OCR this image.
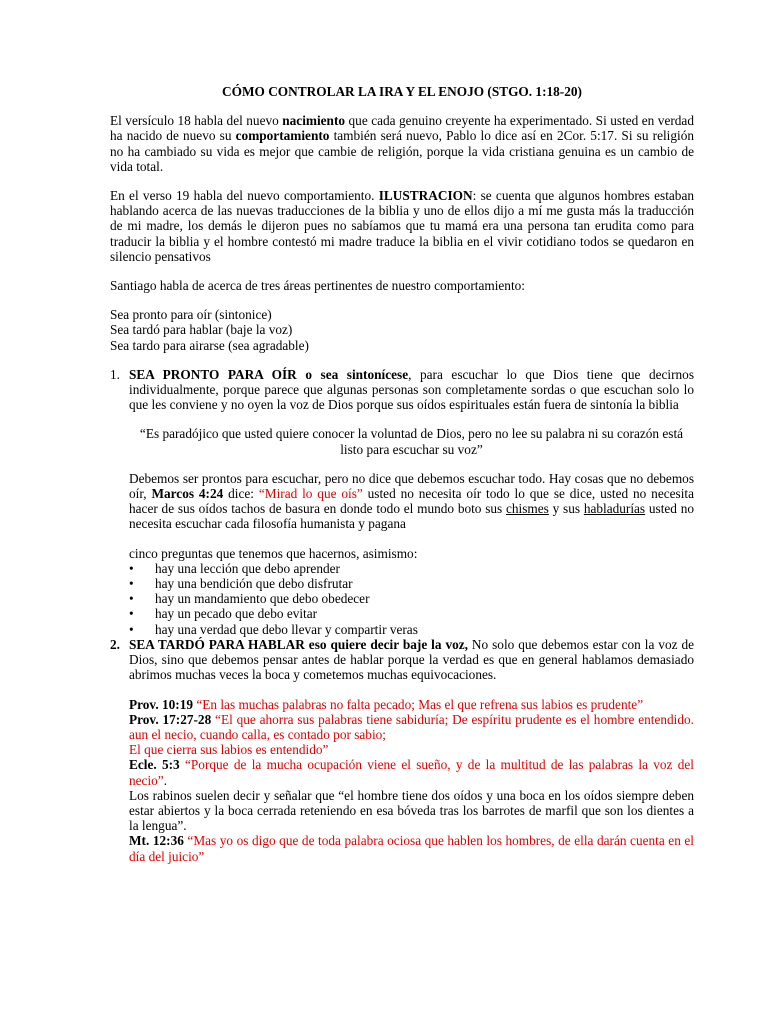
CÓMO CONTROLAR LA IRA Y EL ENOJO (STGO. 1:18-20)

El versículo 18 habla del nuevo nacimiento que cada genuino creyente ha experimentado. Si usted en verdad ha nacido de nuevo su comportamiento también será nuevo, Pablo lo dice así en 2Cor. 5:17. Si su religión no ha cambiado su vida es mejor que cambie de religión, porque la vida cristiana genuina es un cambio de vida total.

En el verso 19 habla del nuevo comportamiento. ILUSTRACION: se cuenta que algunos hombres estaban hablando acerca de las nuevas traducciones de la biblia y uno de ellos dijo a mí me gusta más la traducción de mi madre, los demás le dijeron pues no sabíamos que tu mamá era una persona tan erudita como para traducir la biblia y el hombre contestó mi madre traduce la biblia en el vivir cotidiano todos se quedaron en silencio pensativos

Santiago habla de acerca de tres áreas pertinentes de nuestro comportamiento:

Sea pronto para oír (sintonice)
Sea tardó para hablar (baje la voz)
Sea tardo para airarse (sea agradable)
1. SEA PRONTO PARA OÍR o sea sintonícese, para escuchar lo que Dios tiene que decirnos individualmente, porque parece que algunas personas son completamente sordas o que escuchan solo lo que les conviene y no oyen la voz de Dios porque sus oídos espirituales están fuera de sintonía la biblia

“Es paradójico que usted quiere conocer la voluntad de Dios, pero no lee su palabra ni su corazón está listo para escuchar su voz”

Debemos ser prontos para escuchar, pero no dice que debemos escuchar todo. Hay cosas que no debemos oír, Marcos 4:24 dice: “Mirad lo que oís” usted no necesita oír todo lo que se dice, usted no necesita hacer de sus oídos tachos de basura en donde todo el mundo boto sus chismes y sus habladurías usted no necesita escuchar cada filosofía humanista y pagana

cinco preguntas que tenemos que hacernos, asimismo:
• hay una lección que debo aprender
• hay una bendición que debo disfrutar
• hay un mandamiento que debo obedecer
• hay un pecado que debo evitar
• hay una verdad que debo llevar y compartir veras
2. SEA TARDÓ PARA HABLAR eso quiere decir baje la voz, No solo que debemos estar con la voz de Dios, sino que debemos pensar antes de hablar porque la verdad es que en general hablamos demasiado abrimos muchas veces la boca y cometemos muchas equivocaciones.

Prov. 10:19 “En las muchas palabras no falta pecado; Mas el que refrena sus labios es prudente”

Prov. 17:27-28 “El que ahorra sus palabras tiene sabiduría; De espíritu prudente es el hombre entendido. aun el necio, cuando calla, es contado por sabio;

El que cierra sus labios es entendido”

Ecle. 5:3 “Porque de la mucha ocupación viene el sueño, y de la multitud de las palabras la voz del necio”.

Los rabinos suelen decir y señalar que “el hombre tiene dos oídos y una boca en los oídos siempre deben estar abiertos y la boca cerrada reteniendo en esa bóveda tras los barrotes de marfil que son los dientes a la lengua”.

Mt. 12:36 “Mas yo os digo que de toda palabra ociosa que hablen los hombres, de ella darán cuenta en el día del juicio”
